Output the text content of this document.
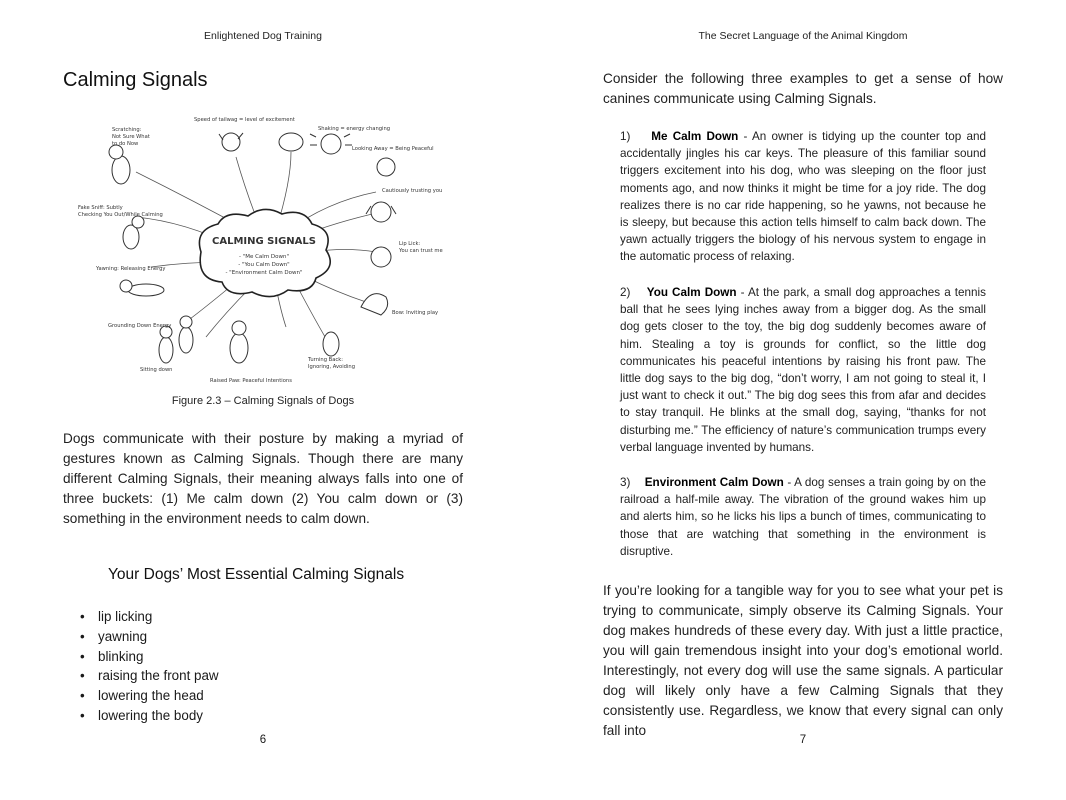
Enlightened Dog Training
Calming Signals
CALMING SIGNALS
- "Me Calm Down"
- "You Calm Down"
- "Environment Calm Down"
Scratching:
Not Sure What
to do Now
Speed of tailwag = level of excitement
Shaking = energy changing
Looking Away = Being Peaceful
Cautiously trusting you
Fake Sniff: Subtly
Checking You Out/While Calming
Lip Lick:
You can trust me
Yawning: Releasing Energy
Bow: Inviting play
Grounding Down Energy
Turning Back:
Ignoring, Avoiding
Sitting down
Raised Paw: Peaceful Intentions
Figure 2.3 – Calming Signals of Dogs

Dogs communicate with their posture by making a myriad of gestures known as Calming Signals. Though there are many different Calming Signals, their meaning always falls into one of three buckets: (1) Me calm down (2) You calm down or (3) something in the environment needs to calm down.

Your Dogs’ Most Essential Calming Signals
• lip licking
• yawning
• blinking
• raising the front paw
• lowering the head
• lowering the body
6
The Secret Language of the Animal Kingdom

Consider the following three examples to get a sense of how canines communicate using Calming Signals.

1) Me Calm Down - An owner is tidying up the counter top and accidentally jingles his car keys. The pleasure of this familiar sound triggers excitement into his dog, who was sleeping on the floor just moments ago, and now thinks it might be time for a joy ride. The dog realizes there is no car ride happening, so he yawns, not because he is sleepy, but because this action tells himself to calm back down. The yawn actually triggers the biology of his nervous system to engage in the automatic process of relaxing.

2) You Calm Down - At the park, a small dog approaches a tennis ball that he sees lying inches away from a bigger dog. As the small dog gets closer to the toy, the big dog suddenly becomes aware of him. Stealing a toy is grounds for conflict, so the little dog communicates his peaceful intentions by raising his front paw. The little dog says to the big dog, “don’t worry, I am not going to steal it, I just want to check it out.” The big dog sees this from afar and decides to stay tranquil. He blinks at the small dog, saying, “thanks for not disturbing me.” The efficiency of nature’s communication trumps every verbal language invented by humans.

3) Environment Calm Down - A dog senses a train going by on the railroad a half-mile away. The vibration of the ground wakes him up and alerts him, so he licks his lips a bunch of times, communicating to those that are watching that something in the environment is disruptive.

If you’re looking for a tangible way for you to see what your pet is trying to communicate, simply observe its Calming Signals. Your dog makes hundreds of these every day. With just a little practice, you will gain tremendous insight into your dog’s emotional world. Interestingly, not every dog will use the same signals. A particular dog will likely only have a few Calming Signals that they consistently use. Regardless, we know that every signal can only fall into

7
